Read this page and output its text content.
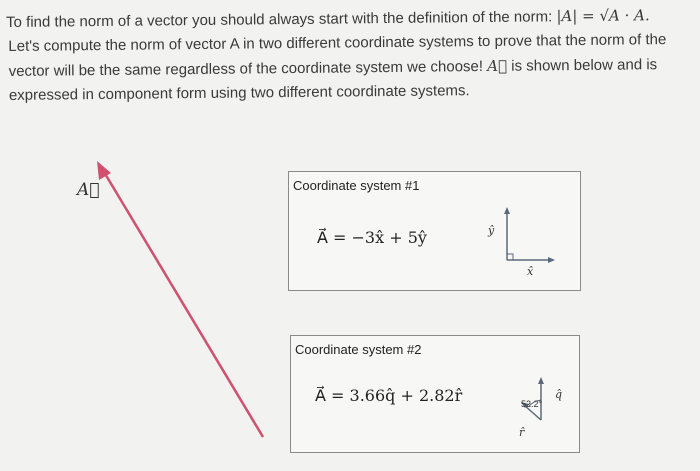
To find the norm of a vector you should always start with the definition of the norm: |A| = √A · A.
Let's compute the norm of vector A in two different coordinate systems to prove that the norm of the
vector will be the same regardless of the coordinate system we choose! A⃗ is shown below and is
expressed in component form using two different coordinate systems.
A⃗	Coordinate system #1
A⃗ = −3x̂ + 5ŷ	ŷ
x̂
Coordinate system #2
A⃗ = 3.66q̂ + 2.82r̂	52.2°
q̂
r̂
